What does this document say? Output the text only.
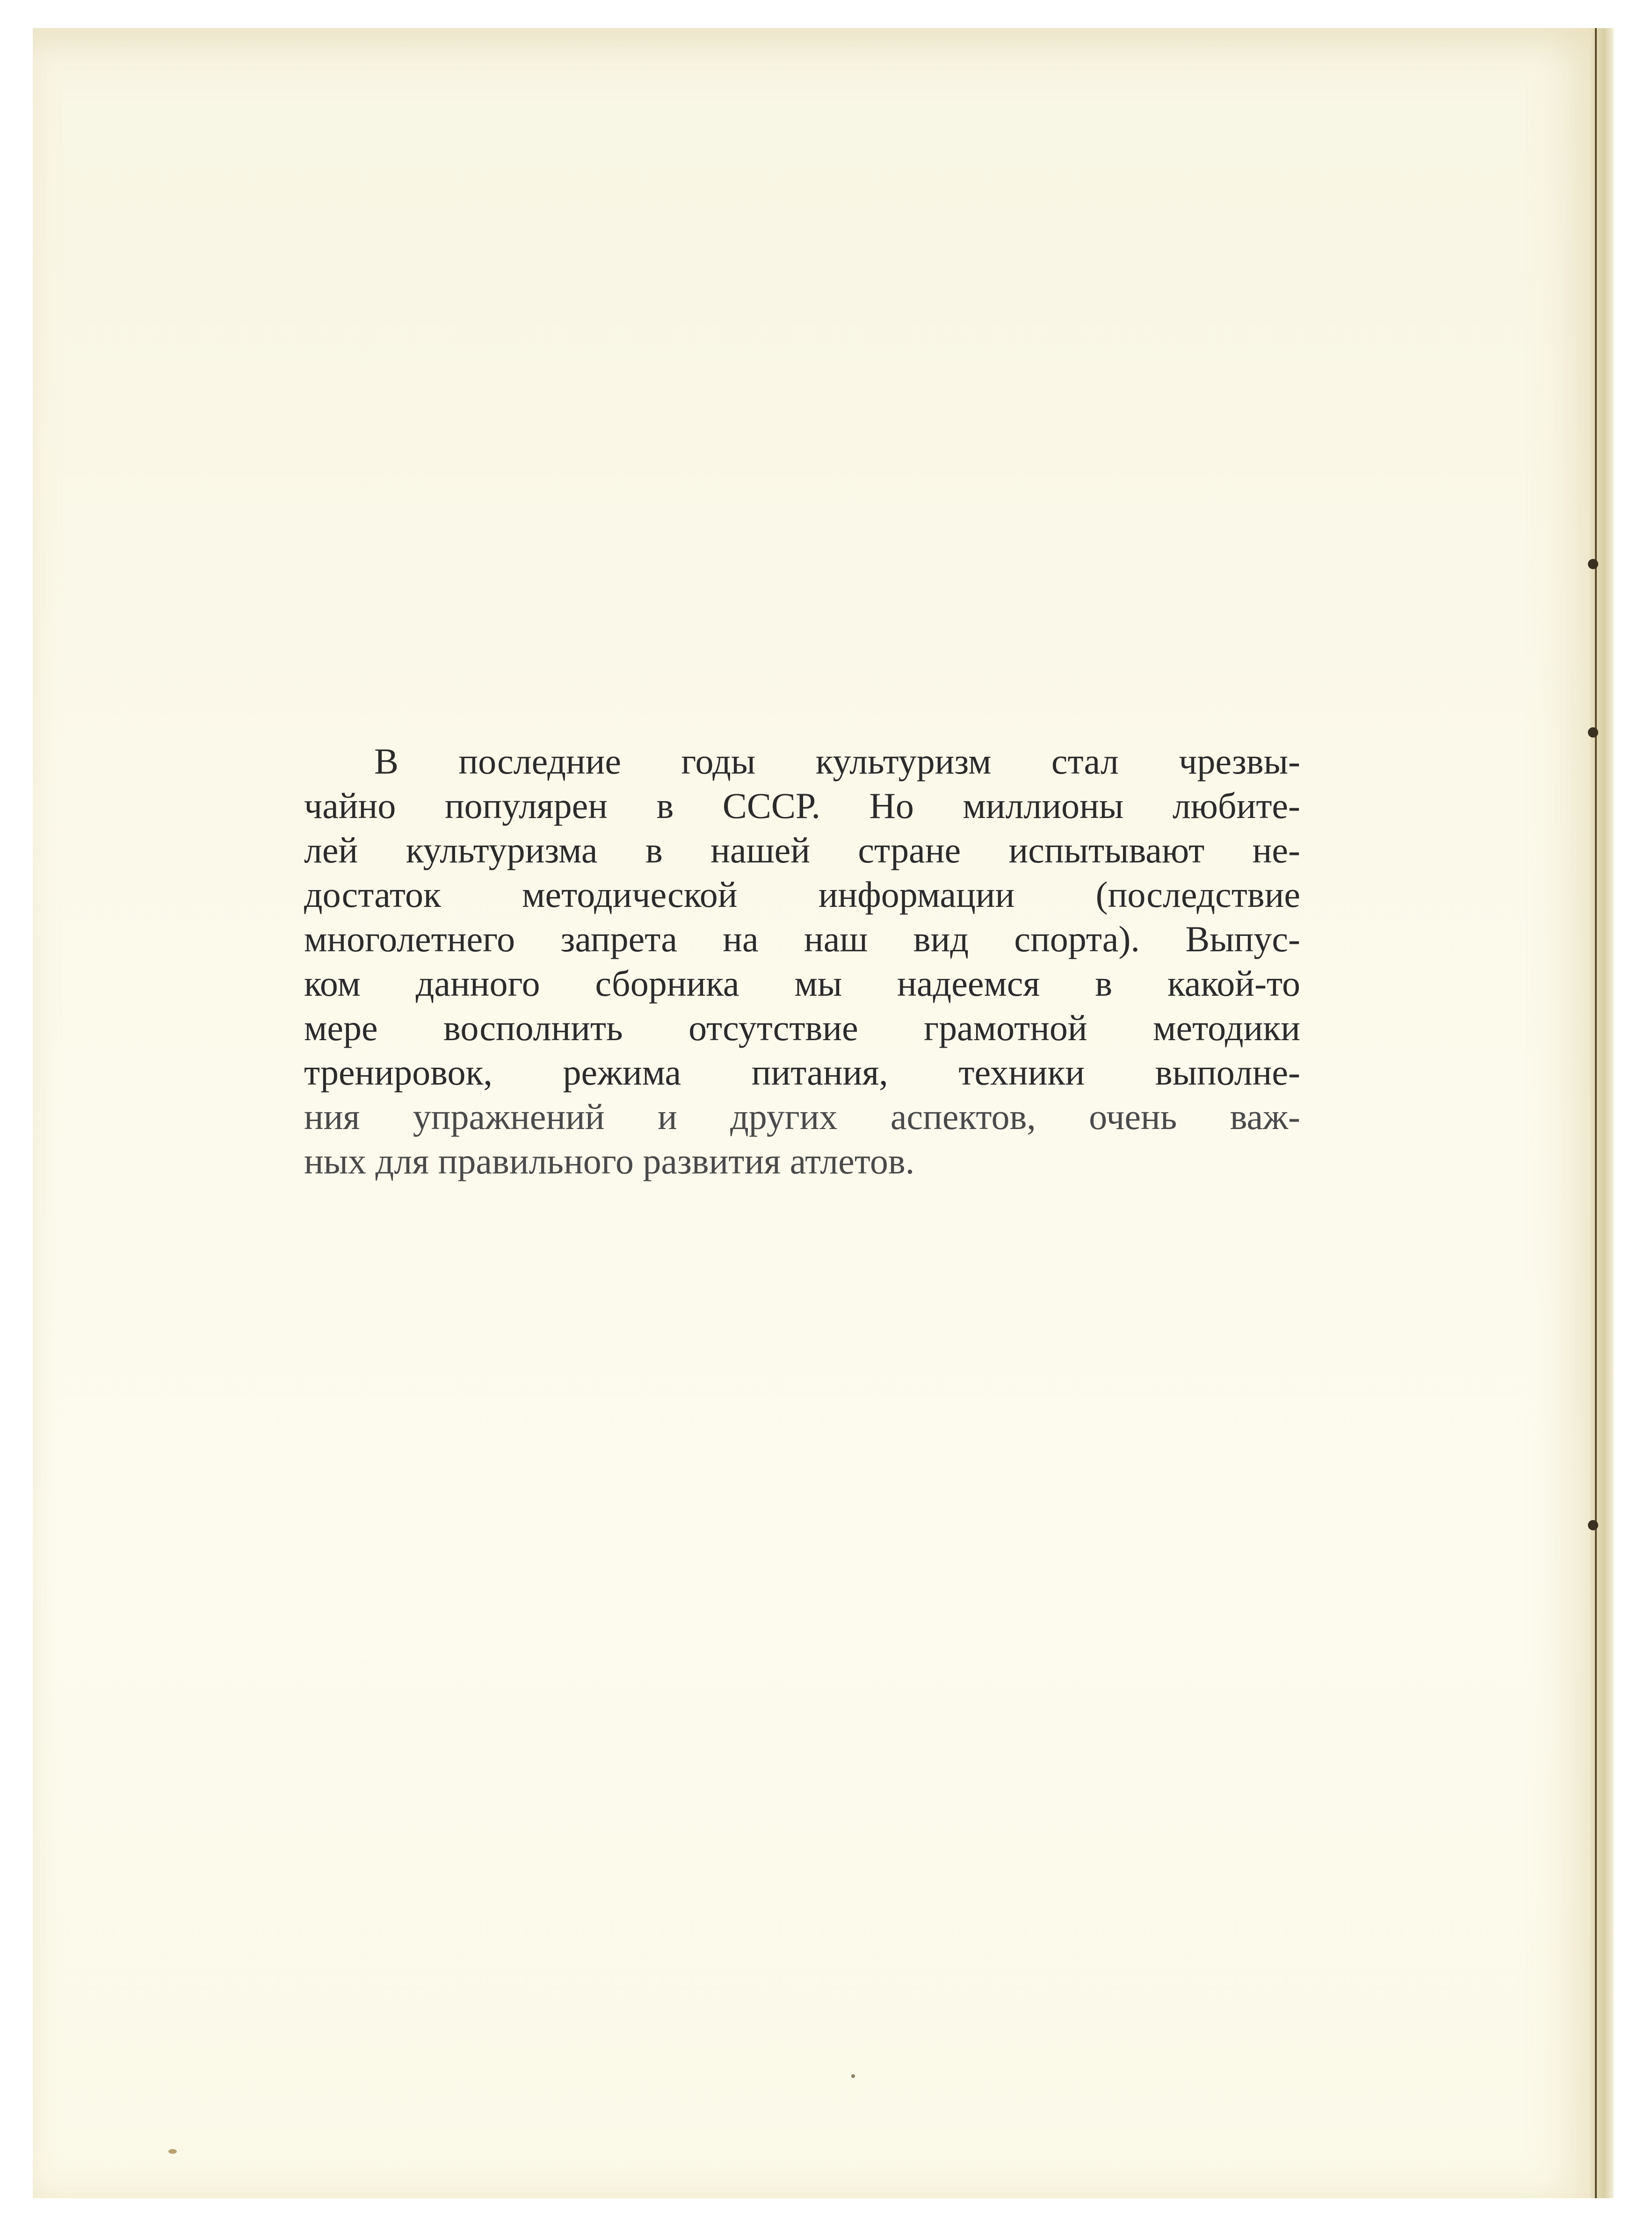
В последние годы культуризм стал чрезвы-
чайно популярен в СССР. Но миллионы любите-
лей культуризма в нашей стране испытывают не-
достаток методической информации (последствие
многолетнего запрета на наш вид спорта). Выпус-
ком данного сборника мы надеемся в какой-то
мере восполнить отсутствие грамотной методики
тренировок, режима питания, техники выполне-
ния упражнений и других аспектов, очень важ-
ных для правильного развития атлетов.
